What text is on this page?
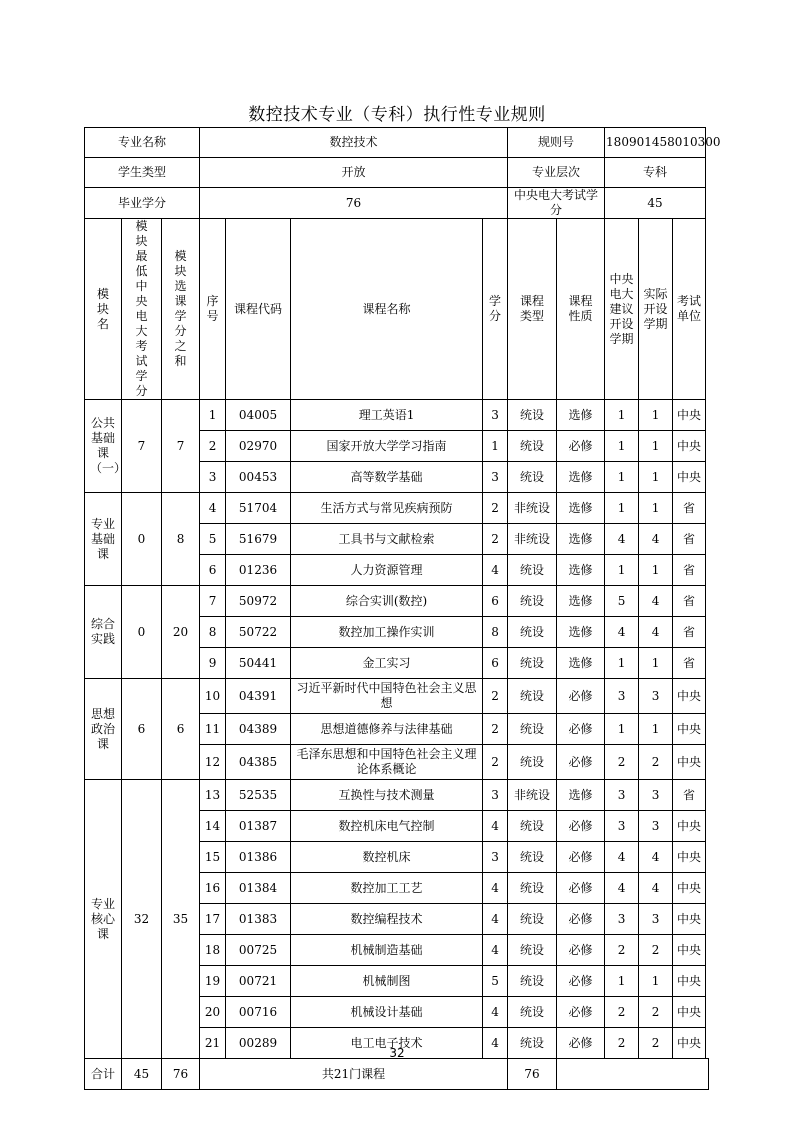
数控技术专业（专科）执行性专业规则
专业名称			数控技术				规则号		180901458010300		
学生类型			开放				专业层次		专科		
毕业学分			76				中央电大考试学分		45		
模块名	模块最低中央电大考试学分	模块选课学分之和	序号	课程代码	课程名称	学分	课程类型	课程性质	中央电大建议开设学期	实际开设学期	考试单位
公共基础课（一）	7	7	1	04005	理工英语1	3	统设	选修	1	1	中央
			2	02970	国家开放大学学习指南	1	统设	必修	1	1	中央
			3	00453	高等数学基础	3	统设	选修	1	1	中央
专业基础课	0	8	4	51704	生活方式与常见疾病预防	2	非统设	选修	1	1	省
			5	51679	工具书与文献检索	2	非统设	选修	4	4	省
			6	01236	人力资源管理	4	统设	选修	1	1	省
综合实践	0	20	7	50972	综合实训(数控)	6	统设	选修	5	4	省
			8	50722	数控加工操作实训	8	统设	选修	4	4	省
			9	50441	金工实习	6	统设	选修	1	1	省
思想政治课	6	6	10	04391	习近平新时代中国特色社会主义思想	2	统设	必修	3	3	中央
			11	04389	思想道德修养与法律基础	2	统设	必修	1	1	中央
			12	04385	毛泽东思想和中国特色社会主义理论体系概论	2	统设	必修	2	2	中央
专业核心课	32	35	13	52535	互换性与技术测量	3	非统设	选修	3	3	省
			14	01387	数控机床电气控制	4	统设	必修	3	3	中央
			15	01386	数控机床	3	统设	必修	4	4	中央
			16	01384	数控加工工艺	4	统设	必修	4	4	中央
			17	01383	数控编程技术	4	统设	必修	3	3	中央
			18	00725	机械制造基础	4	统设	必修	2	2	中央
			19	00721	机械制图	5	统设	必修	1	1	中央
			20	00716	机械设计基础	4	统设	必修	2	2	中央
			21	00289	电工电子技术	4	统设	必修	2	2	中央
合计	45	76	共21门课程				76				
32
